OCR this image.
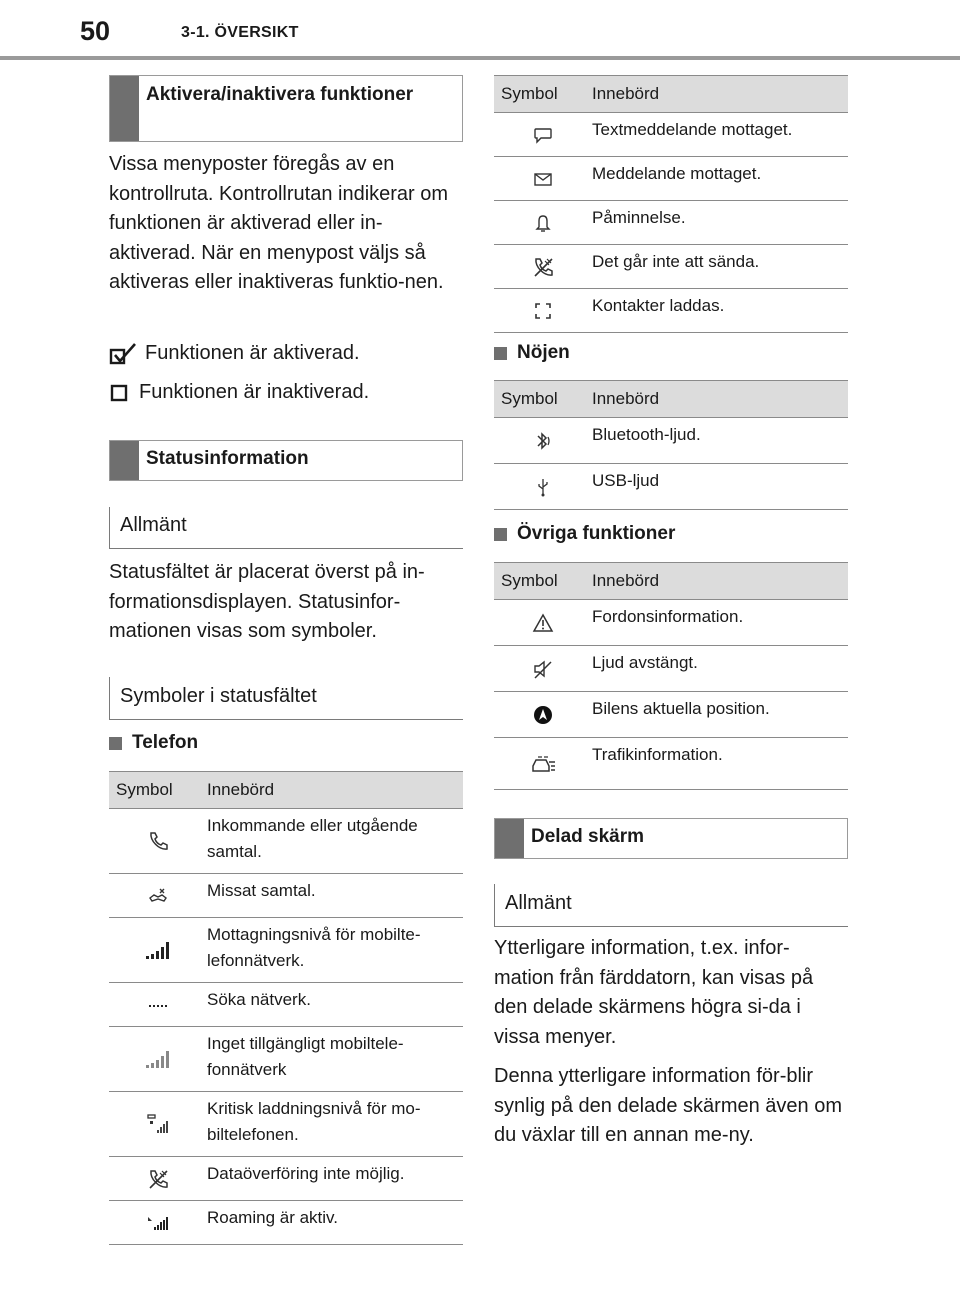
50	3-1. ÖVERSIKT
Aktivera/inaktivera funktioner
Vissa menyposter föregås av en kontrollruta. Kontrollrutan indikerar om funktionen är aktiverad eller in-aktiverad. När en menypost väljs så aktiveras eller inaktiveras funktio-nen.
Funktionen är aktiverad.
Funktionen är inaktiverad.
Statusinformation
Allmänt
Statusfältet är placerat överst på in-formationsdisplayen. Statusinfor-mationen visas som symboler.
Symboler i statusfältet
Telefon
Symbol	Innebörd
	Inkommande eller utgående samtal.
	Missat samtal.
	Mottagningsnivå för mobilte-lefonnätverk.
	Söka nätverk.
	Inget tillgängligt mobiltele-fonnätverk
	Kritisk laddningsnivå för mo-biltelefonen.
	Dataöverföring inte möjlig.
	Roaming är aktiv.
Symbol	Innebörd
	Textmeddelande mottaget.
	Meddelande mottaget.
	Påminnelse.
	Det går inte att sända.
	Kontakter laddas.
Nöjen
Symbol	Innebörd
	Bluetooth-ljud.
	USB-ljud
Övriga funktioner
Symbol	Innebörd
	Fordonsinformation.
	Ljud avstängt.
	Bilens aktuella position.
	Trafikinformation.
Delad skärm
Allmänt
Ytterligare information, t.ex. infor-mation från färddatorn, kan visas på den delade skärmens högra si-da i vissa menyer.
Denna ytterligare information för-blir synlig på den delade skärmen även om du växlar till en annan me-ny.
